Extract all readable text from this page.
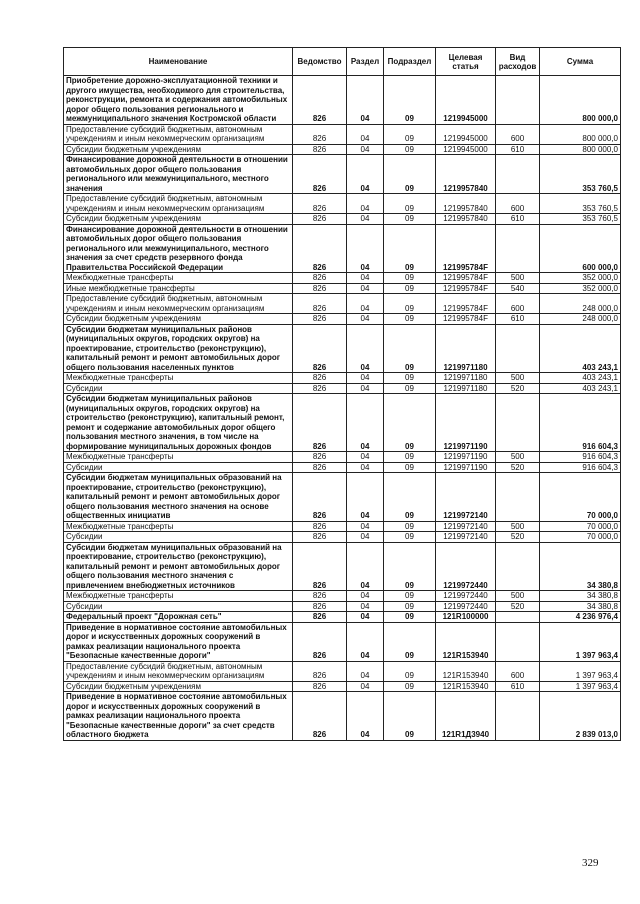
Наименование	Ведомство	Раздел	Подраздел	Целевая статья	Вид расходов	Сумма
Приобретение дорожно-эксплуатационной техники и другого имущества, необходимого для строительства, реконструкции, ремонта и содержания автомобильных дорог общего пользования регионального и межмуниципального значения Костромской области	826	04	09	1219945000		800 000,0
Предоставление субсидий бюджетным, автономным учреждениям и иным некоммерческим организациям	826	04	09	1219945000	600	800 000,0
Субсидии бюджетным учреждениям	826	04	09	1219945000	610	800 000,0
Финансирование дорожной деятельности в отношении автомобильных дорог общего пользования регионального или межмуниципального, местного значения	826	04	09	1219957840		353 760,5
Предоставление субсидий бюджетным, автономным учреждениям и иным некоммерческим организациям	826	04	09	1219957840	600	353 760,5
Субсидии бюджетным учреждениям	826	04	09	1219957840	610	353 760,5
Финансирование дорожной деятельности в отношении автомобильных дорог общего пользования регионального или межмуниципального, местного значения за счет средств резервного фонда Правительства Российской Федерации	826	04	09	121995784F		600 000,0
Межбюджетные трансферты	826	04	09	121995784F	500	352 000,0
Иные межбюджетные трансферты	826	04	09	121995784F	540	352 000,0
Предоставление субсидий бюджетным, автономным учреждениям и иным некоммерческим организациям	826	04	09	121995784F	600	248 000,0
Субсидии бюджетным учреждениям	826	04	09	121995784F	610	248 000,0
Субсидии бюджетам муниципальных районов (муниципальных округов, городских округов) на проектирование, строительство (реконструкцию), капитальный ремонт и ремонт автомобильных дорог общего пользования населенных пунктов	826	04	09	1219971180		403 243,1
Межбюджетные трансферты	826	04	09	1219971180	500	403 243,1
Субсидии	826	04	09	1219971180	520	403 243,1
Субсидии бюджетам муниципальных районов (муниципальных округов, городских округов) на строительство (реконструкцию), капитальный ремонт, ремонт и содержание автомобильных дорог общего пользования местного значения, в том числе на формирование муниципальных дорожных фондов	826	04	09	1219971190		916 604,3
Межбюджетные трансферты	826	04	09	1219971190	500	916 604,3
Субсидии	826	04	09	1219971190	520	916 604,3
Субсидии бюджетам муниципальных образований на проектирование, строительство (реконструкцию), капитальный ремонт и ремонт автомобильных дорог общего пользования местного значения на основе общественных инициатив	826	04	09	1219972140		70 000,0
Межбюджетные трансферты	826	04	09	1219972140	500	70 000,0
Субсидии	826	04	09	1219972140	520	70 000,0
Субсидии бюджетам муниципальных образований на проектирование, строительство (реконструкцию), капитальный ремонт и ремонт автомобильных дорог общего пользования местного значения с привлечением внебюджетных источников	826	04	09	1219972440		34 380,8
Межбюджетные трансферты	826	04	09	1219972440	500	34 380,8
Субсидии	826	04	09	1219972440	520	34 380,8
Федеральный проект "Дорожная сеть"	826	04	09	121R100000		4 236 976,4
Приведение в нормативное состояние автомобильных дорог и искусственных дорожных сооружений в рамках реализации национального проекта "Безопасные качественные дороги"	826	04	09	121R153940		1 397 963,4
Предоставление субсидий бюджетным, автономным учреждениям и иным некоммерческим организациям	826	04	09	121R153940	600	1 397 963,4
Субсидии бюджетным учреждениям	826	04	09	121R153940	610	1 397 963,4
Приведение в нормативное состояние автомобильных дорог и искусственных дорожных сооружений в рамках реализации национального проекта "Безопасные качественные дороги" за счет средств областного бюджета	826	04	09	121R1Д3940		2 839 013,0
329
